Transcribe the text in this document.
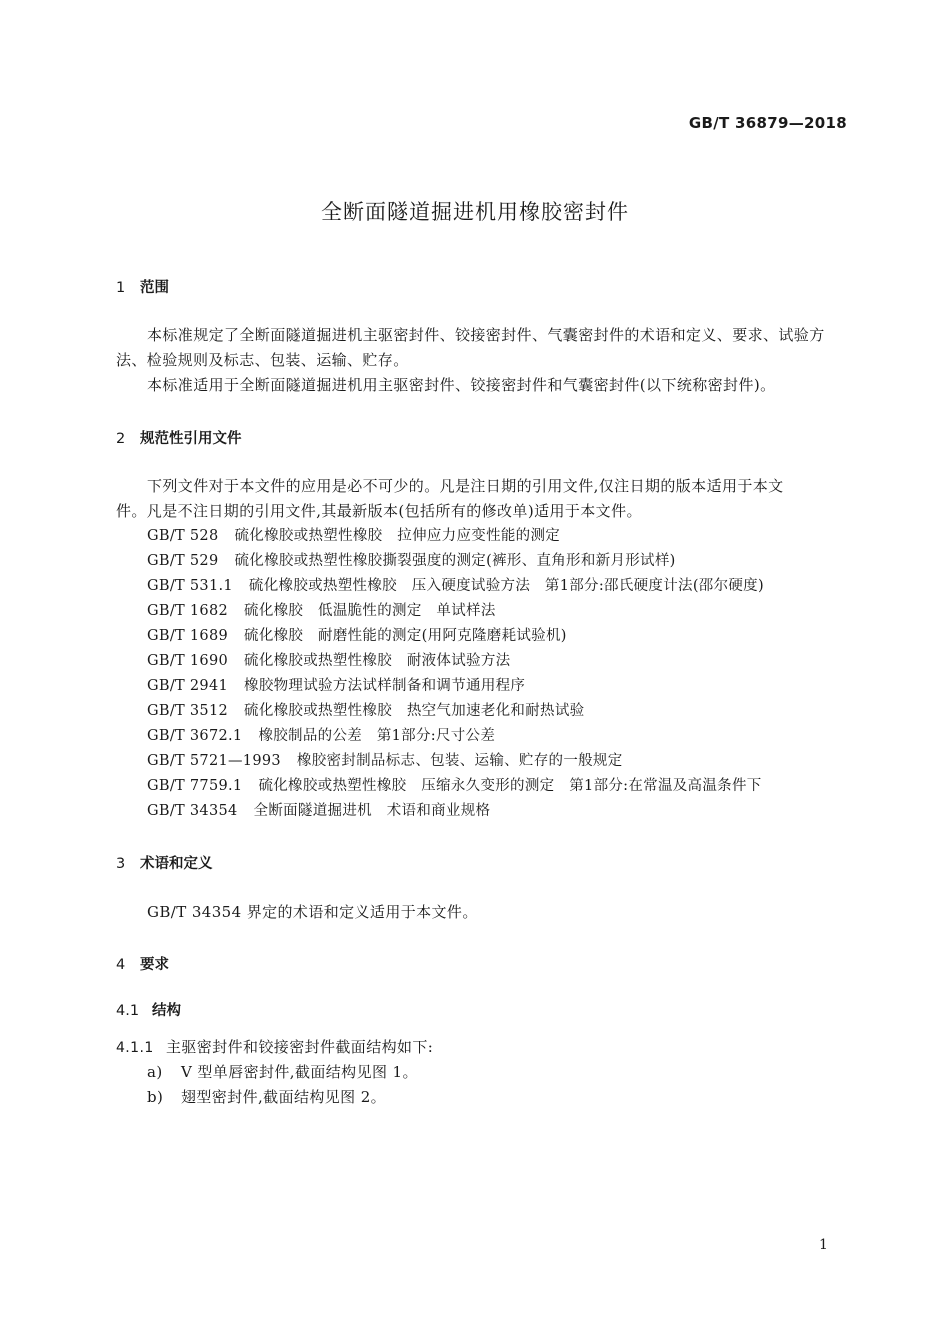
GB/T 36879—2018
全断面隧道掘进机用橡胶密封件
1 范围
本标准规定了全断面隧道掘进机主驱密封件、铰接密封件、气囊密封件的术语和定义、要求、试验方
法、检验规则及标志、包装、运输、贮存。
本标准适用于全断面隧道掘进机用主驱密封件、铰接密封件和气囊密封件(以下统称密封件)。
2 规范性引用文件
下列文件对于本文件的应用是必不可少的。凡是注日期的引用文件,仅注日期的版本适用于本文
件。凡是不注日期的引用文件,其最新版本(包括所有的修改单)适用于本文件。
GB/T 528 硫化橡胶或热塑性橡胶　拉伸应力应变性能的测定
GB/T 529 硫化橡胶或热塑性橡胶撕裂强度的测定(裤形、直角形和新月形试样)
GB/T 531.1 硫化橡胶或热塑性橡胶　压入硬度试验方法　第1部分:邵氏硬度计法(邵尔硬度)
GB/T 1682 硫化橡胶　低温脆性的测定　单试样法
GB/T 1689 硫化橡胶　耐磨性能的测定(用阿克隆磨耗试验机)
GB/T 1690 硫化橡胶或热塑性橡胶　耐液体试验方法
GB/T 2941 橡胶物理试验方法试样制备和调节通用程序
GB/T 3512 硫化橡胶或热塑性橡胶　热空气加速老化和耐热试验
GB/T 3672.1 橡胶制品的公差　第1部分:尺寸公差
GB/T 5721—1993 橡胶密封制品标志、包装、运输、贮存的一般规定
GB/T 7759.1 硫化橡胶或热塑性橡胶　压缩永久变形的测定　第1部分:在常温及高温条件下
GB/T 34354 全断面隧道掘进机　术语和商业规格
3 术语和定义
GB/T 34354 界定的术语和定义适用于本文件。
4 要求
4.1 结构
4.1.1 主驱密封件和铰接密封件截面结构如下:
a) V 型单唇密封件,截面结构见图 1。
b) 翅型密封件,截面结构见图 2。
1
